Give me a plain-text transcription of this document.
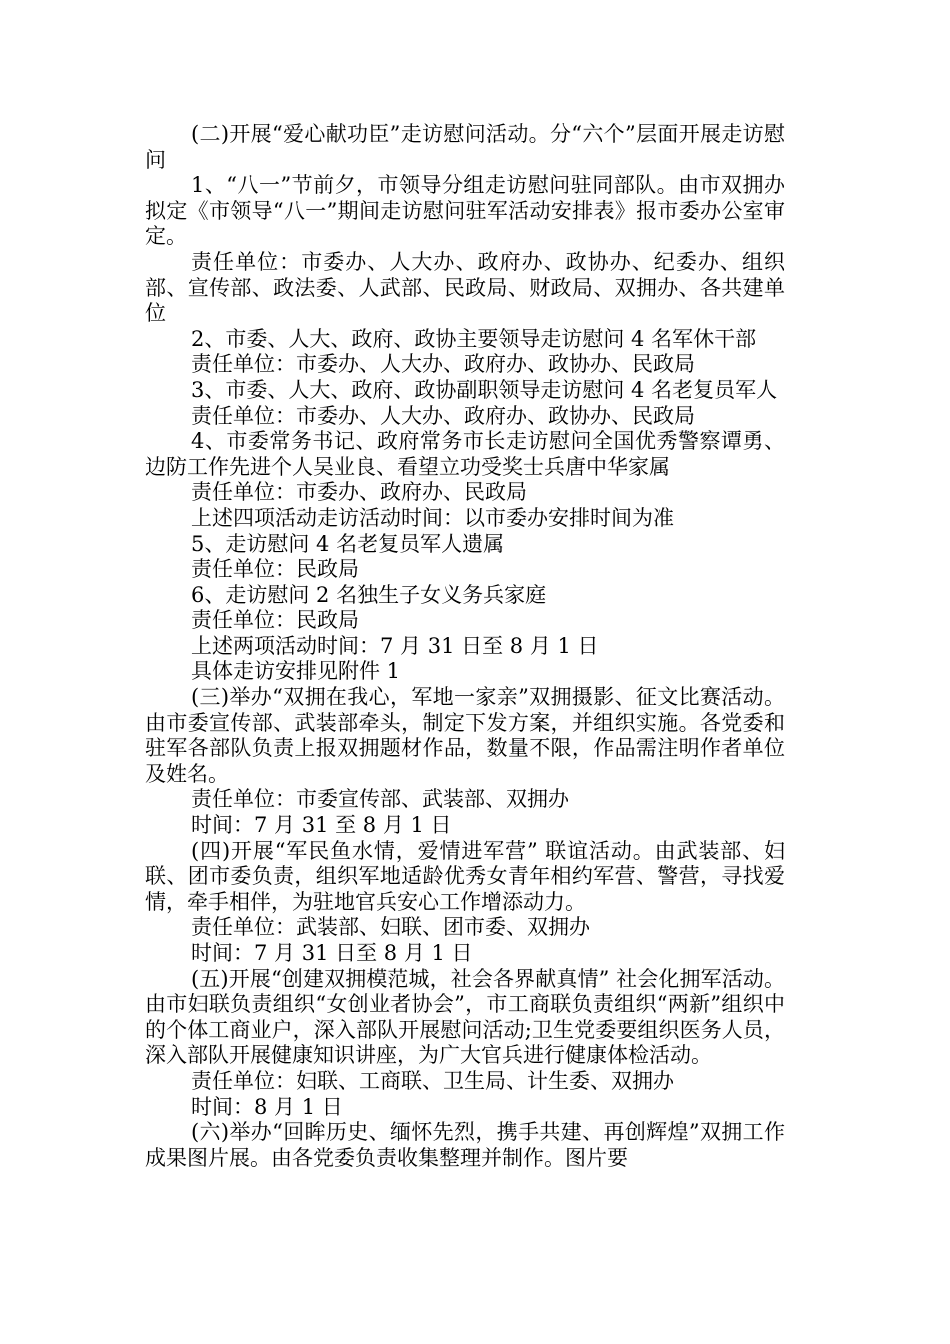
(二)开展“爱心献功臣”走访慰问活动。分“六个”层面开展走访慰问

1、“八一”节前夕，市领导分组走访慰问驻同部队。由市双拥办拟定《市领导“八一”期间走访慰问驻军活动安排表》报市委办公室审定。

责任单位：市委办、人大办、政府办、政协办、纪委办、组织部、宣传部、政法委、人武部、民政局、财政局、双拥办、各共建单位

2、市委、人大、政府、政协主要领导走访慰问 4 名军休干部

责任单位：市委办、人大办、政府办、政协办、民政局

3、市委、人大、政府、政协副职领导走访慰问 4 名老复员军人

责任单位：市委办、人大办、政府办、政协办、民政局

4、市委常务书记、政府常务市长走访慰问全国优秀警察谭勇、边防工作先进个人吴业良、看望立功受奖士兵唐中华家属

责任单位：市委办、政府办、民政局

上述四项活动走访活动时间：以市委办安排时间为准

5、走访慰问 4 名老复员军人遗属

责任单位：民政局

6、走访慰问 2 名独生子女义务兵家庭

责任单位：民政局

上述两项活动时间：7 月 31 日至 8 月 1 日

具体走访安排见附件 1

(三)举办“双拥在我心，军地一家亲”双拥摄影、征文比赛活动。由市委宣传部、武装部牵头，制定下发方案，并组织实施。各党委和驻军各部队负责上报双拥题材作品，数量不限，作品需注明作者单位及姓名。

责任单位：市委宣传部、武装部、双拥办

时间：7 月 31 至 8 月 1 日

(四)开展“军民鱼水情，爱情进军营” 联谊活动。由武装部、妇联、团市委负责，组织军地适龄优秀女青年相约军营、警营，寻找爱情，牵手相伴，为驻地官兵安心工作增添动力。

责任单位：武装部、妇联、团市委、双拥办

时间：7 月 31 日至 8 月 1 日

(五)开展“创建双拥模范城，社会各界献真情” 社会化拥军活动。由市妇联负责组织“女创业者协会”，市工商联负责组织“两新”组织中的个体工商业户，深入部队开展慰问活动;卫生党委要组织医务人员，深入部队开展健康知识讲座，为广大官兵进行健康体检活动。

责任单位：妇联、工商联、卫生局、计生委、双拥办

时间：8 月 1 日

(六)举办“回眸历史、缅怀先烈，携手共建、再创辉煌”双拥工作成果图片展。由各党委负责收集整理并制作。图片要
